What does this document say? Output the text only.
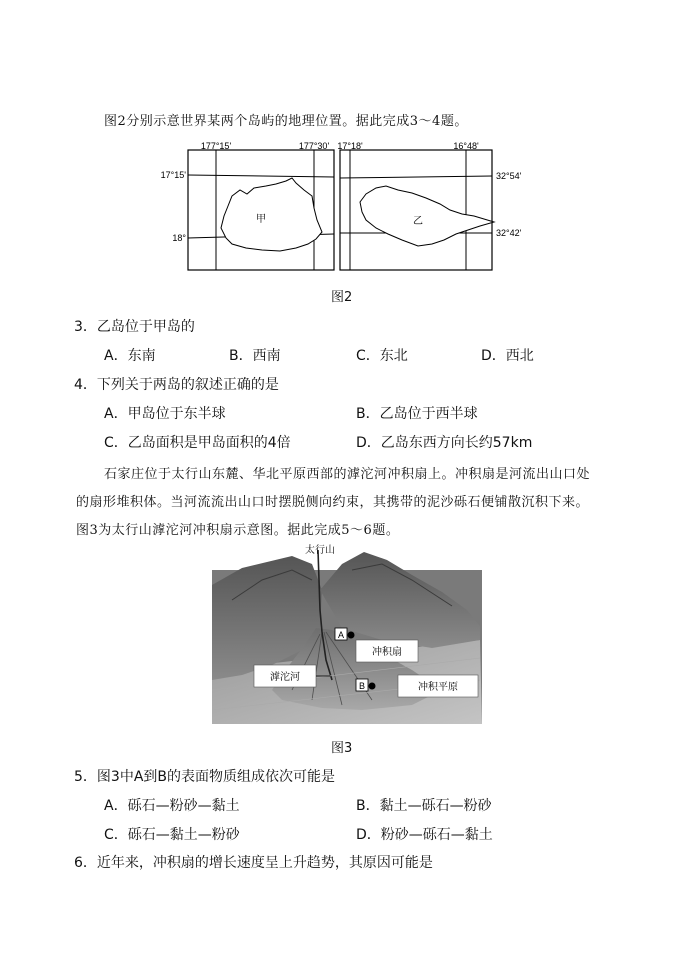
图2分别示意世界某两个岛屿的地理位置。据此完成3～4题。
甲
177°15'	177°30'
17°15'
18°
乙
17°18'	16°48'
32°54'
32°42'
图2
3．乙岛位于甲岛的
A．东南	B．西南	C．东北	D．西北
4．下列关于两岛的叙述正确的是
A．甲岛位于东半球	B．乙岛位于西半球
C．乙岛面积是甲岛面积的4倍	D．乙岛东西方向长约57km
石家庄位于太行山东麓、华北平原西部的滹沱河冲积扇上。冲积扇是河流出山口处
的扇形堆积体。当河流流出山口时摆脱侧向约束，其携带的泥沙砾石便铺散沉积下来。
图3为太行山滹沱河冲积扇示意图。据此完成5～6题。
太行山
A
冲积扇
滹沱河
B	冲积平原
图3
5．图3中A到B的表面物质组成依次可能是
A．砾石—粉砂—黏土	B．黏土—砾石—粉砂
C．砾石—黏土—粉砂	D．粉砂—砾石—黏土
6．近年来，冲积扇的增长速度呈上升趋势，其原因可能是
